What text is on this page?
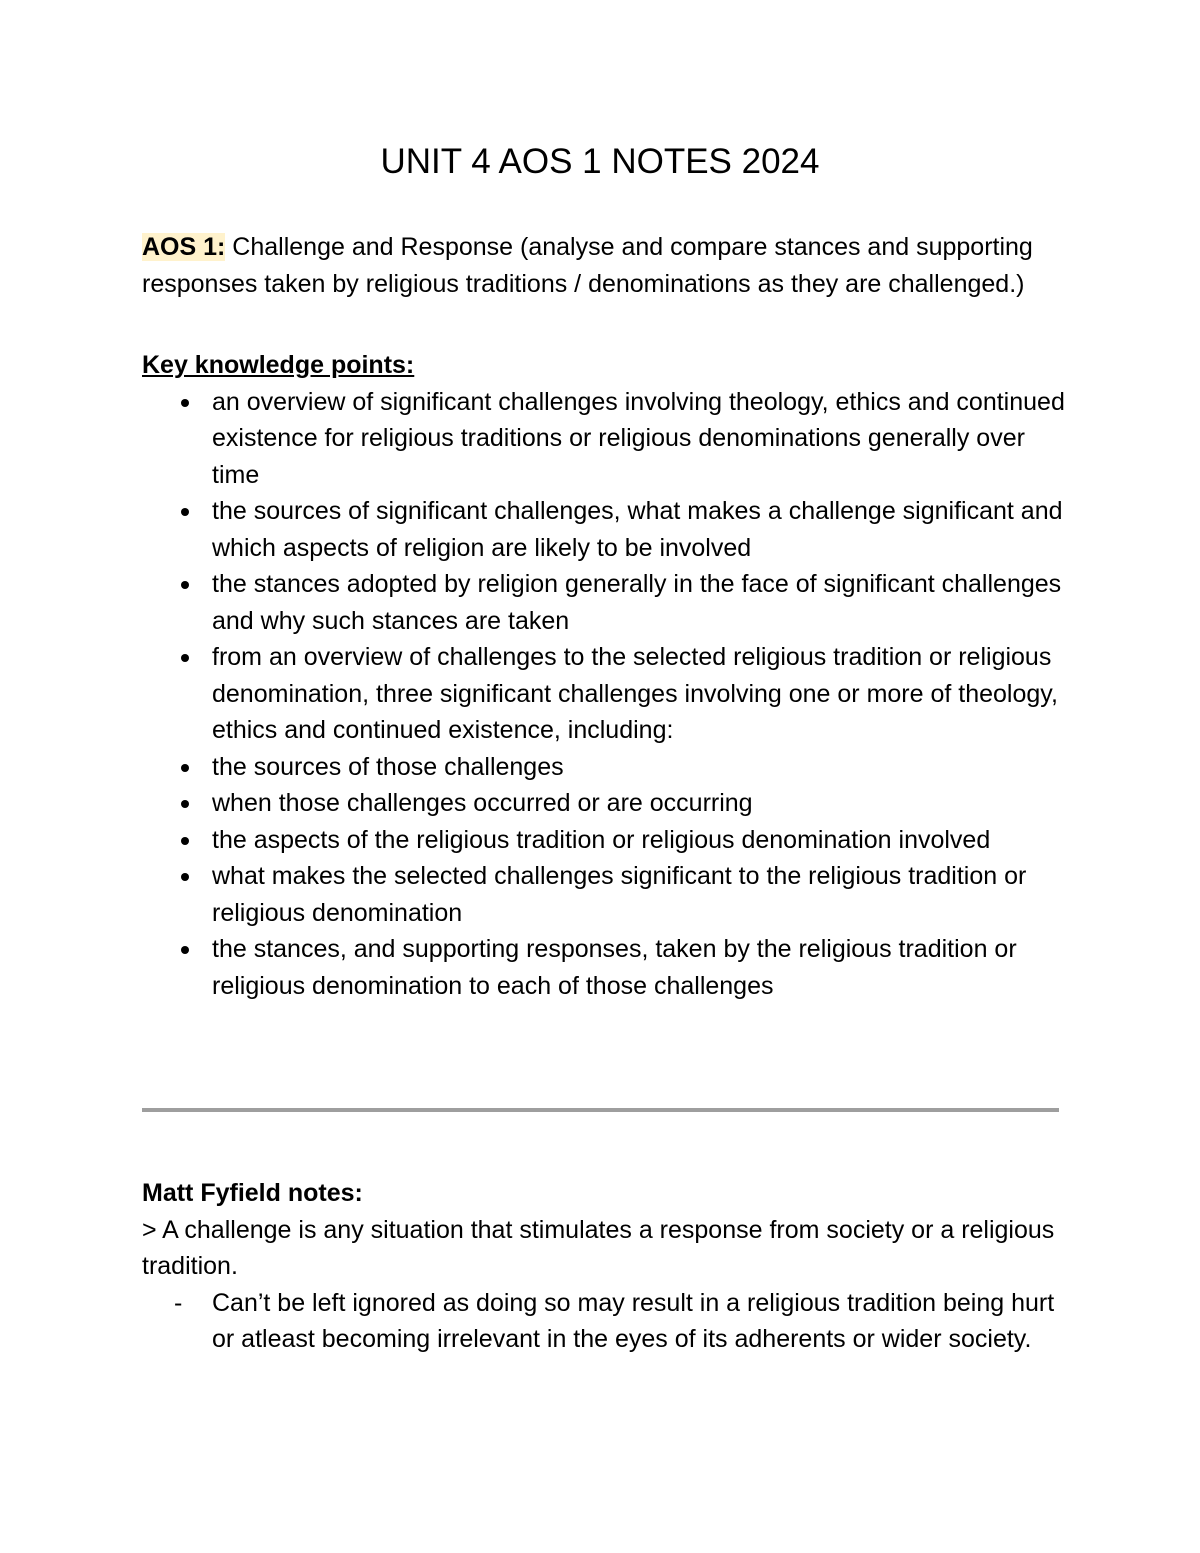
UNIT 4 AOS 1 NOTES 2024

AOS 1: Challenge and Response (analyse and compare stances and supporting responses taken by religious traditions / denominations as they are challenged.)

Key knowledge points:

an overview of significant challenges involving theology, ethics and continued existence for religious traditions or religious denominations generally over time
the sources of significant challenges, what makes a challenge significant and which aspects of religion are likely to be involved
the stances adopted by religion generally in the face of significant challenges and why such stances are taken
from an overview of challenges to the selected religious tradition or religious denomination, three significant challenges involving one or more of theology, ethics and continued existence, including:
the sources of those challenges
when those challenges occurred or are occurring
the aspects of the religious tradition or religious denomination involved
what makes the selected challenges significant to the religious tradition or religious denomination
the stances, and supporting responses, taken by the religious tradition or religious denomination to each of those challenges

Matt Fyfield notes:

> A challenge is any situation that stimulates a response from society or a religious tradition.

- Can’t be left ignored as doing so may result in a religious tradition being hurt or atleast becoming irrelevant in the eyes of its adherents or wider society.
